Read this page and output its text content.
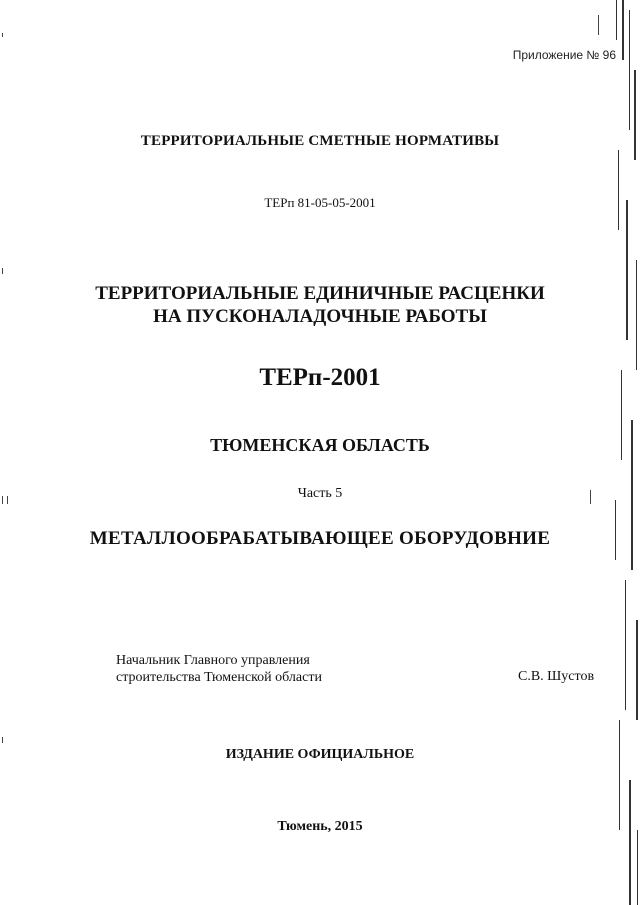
Приложение № 96
ТЕРРИТОРИАЛЬНЫЕ СМЕТНЫЕ НОРМАТИВЫ
ТЕРп 81-05-05-2001
ТЕРРИТОРИАЛЬНЫЕ ЕДИНИЧНЫЕ РАСЦЕНКИ
НА ПУСКОНАЛАДОЧНЫЕ РАБОТЫ
ТЕРп-2001
ТЮМЕНСКАЯ ОБЛАСТЬ
Часть 5
МЕТАЛЛООБРАБАТЫВАЮЩЕЕ ОБОРУДОВНИЕ
Начальник Главного управления
строительства Тюменской области	С.В. Шустов
ИЗДАНИЕ ОФИЦИАЛЬНОЕ
Тюмень, 2015
